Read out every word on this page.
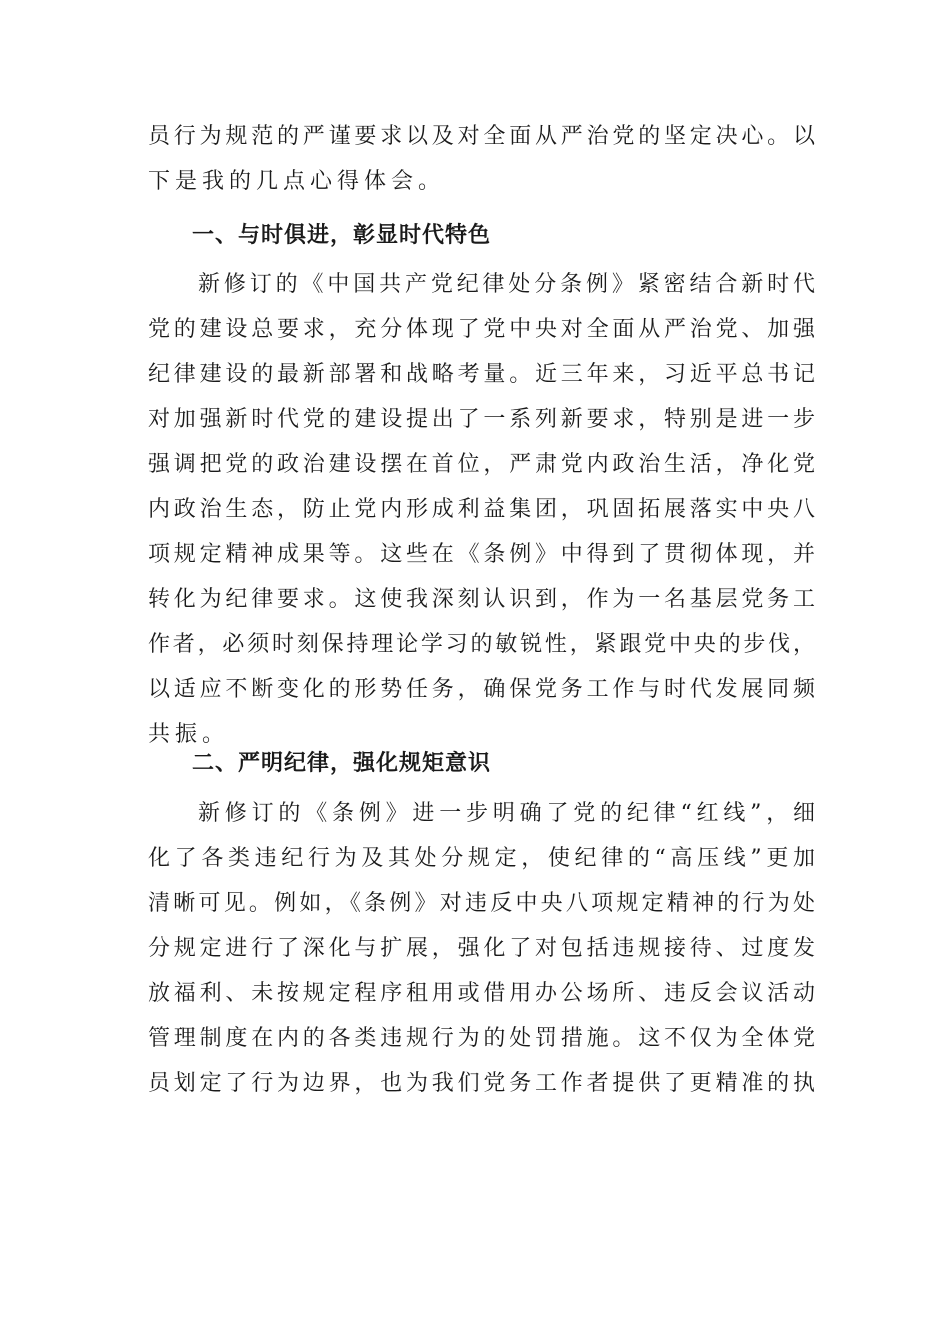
员行为规范的严谨要求以及对全面从严治党的坚定决心。以
下是我的几点心得体会。
一、与时俱进，彰显时代特色
新修订的《中国共产党纪律处分条例》紧密结合新时代
党的建设总要求，充分体现了党中央对全面从严治党、加强
纪律建设的最新部署和战略考量。近三年来，习近平总书记
对加强新时代党的建设提出了一系列新要求，特别是进一步
强调把党的政治建设摆在首位，严肃党内政治生活，净化党
内政治生态，防止党内形成利益集团，巩固拓展落实中央八
项规定精神成果等。这些在《条例》中得到了贯彻体现，并
转化为纪律要求。这使我深刻认识到，作为一名基层党务工
作者，必须时刻保持理论学习的敏锐性，紧跟党中央的步伐，
以适应不断变化的形势任务，确保党务工作与时代发展同频
共振。
二、严明纪律，强化规矩意识
新修订的《条例》进一步明确了党的纪律“红线”，细
化了各类违纪行为及其处分规定，使纪律的“高压线”更加
清晰可见。例如，《条例》对违反中央八项规定精神的行为处
分规定进行了深化与扩展，强化了对包括违规接待、过度发
放福利、未按规定程序租用或借用办公场所、违反会议活动
管理制度在内的各类违规行为的处罚措施。这不仅为全体党
员划定了行为边界，也为我们党务工作者提供了更精准的执
